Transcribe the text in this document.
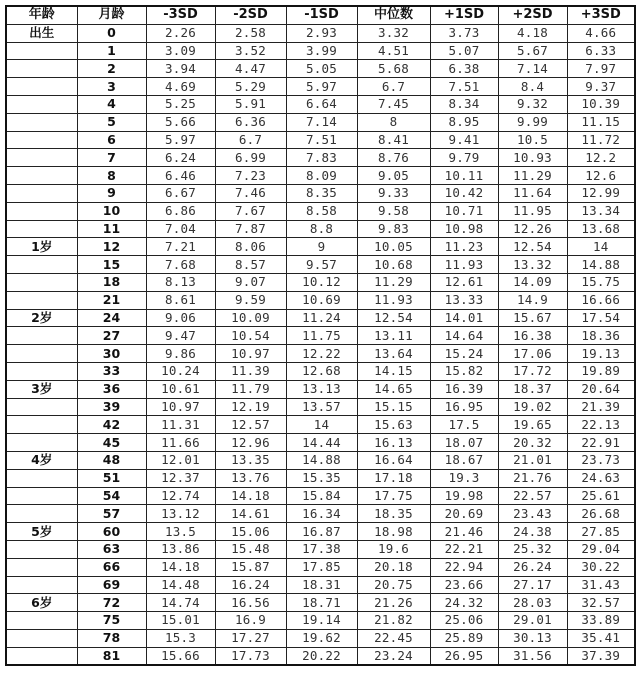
年龄	月龄	-3SD	-2SD	-1SD	中位数	+1SD	+2SD	+3SD
出生	0	2.26	2.58	2.93	3.32	3.73	4.18	4.66
	1	3.09	3.52	3.99	4.51	5.07	5.67	6.33
	2	3.94	4.47	5.05	5.68	6.38	7.14	7.97
	3	4.69	5.29	5.97	6.7	7.51	8.4	9.37
	4	5.25	5.91	6.64	7.45	8.34	9.32	10.39
	5	5.66	6.36	7.14	8	8.95	9.99	11.15
	6	5.97	6.7	7.51	8.41	9.41	10.5	11.72
	7	6.24	6.99	7.83	8.76	9.79	10.93	12.2
	8	6.46	7.23	8.09	9.05	10.11	11.29	12.6
	9	6.67	7.46	8.35	9.33	10.42	11.64	12.99
	10	6.86	7.67	8.58	9.58	10.71	11.95	13.34
	11	7.04	7.87	8.8	9.83	10.98	12.26	13.68
1岁	12	7.21	8.06	9	10.05	11.23	12.54	14
	15	7.68	8.57	9.57	10.68	11.93	13.32	14.88
	18	8.13	9.07	10.12	11.29	12.61	14.09	15.75
	21	8.61	9.59	10.69	11.93	13.33	14.9	16.66
2岁	24	9.06	10.09	11.24	12.54	14.01	15.67	17.54
	27	9.47	10.54	11.75	13.11	14.64	16.38	18.36
	30	9.86	10.97	12.22	13.64	15.24	17.06	19.13
	33	10.24	11.39	12.68	14.15	15.82	17.72	19.89
3岁	36	10.61	11.79	13.13	14.65	16.39	18.37	20.64
	39	10.97	12.19	13.57	15.15	16.95	19.02	21.39
	42	11.31	12.57	14	15.63	17.5	19.65	22.13
	45	11.66	12.96	14.44	16.13	18.07	20.32	22.91
4岁	48	12.01	13.35	14.88	16.64	18.67	21.01	23.73
	51	12.37	13.76	15.35	17.18	19.3	21.76	24.63
	54	12.74	14.18	15.84	17.75	19.98	22.57	25.61
	57	13.12	14.61	16.34	18.35	20.69	23.43	26.68
5岁	60	13.5	15.06	16.87	18.98	21.46	24.38	27.85
	63	13.86	15.48	17.38	19.6	22.21	25.32	29.04
	66	14.18	15.87	17.85	20.18	22.94	26.24	30.22
	69	14.48	16.24	18.31	20.75	23.66	27.17	31.43
6岁	72	14.74	16.56	18.71	21.26	24.32	28.03	32.57
	75	15.01	16.9	19.14	21.82	25.06	29.01	33.89
	78	15.3	17.27	19.62	22.45	25.89	30.13	35.41
	81	15.66	17.73	20.22	23.24	26.95	31.56	37.39
